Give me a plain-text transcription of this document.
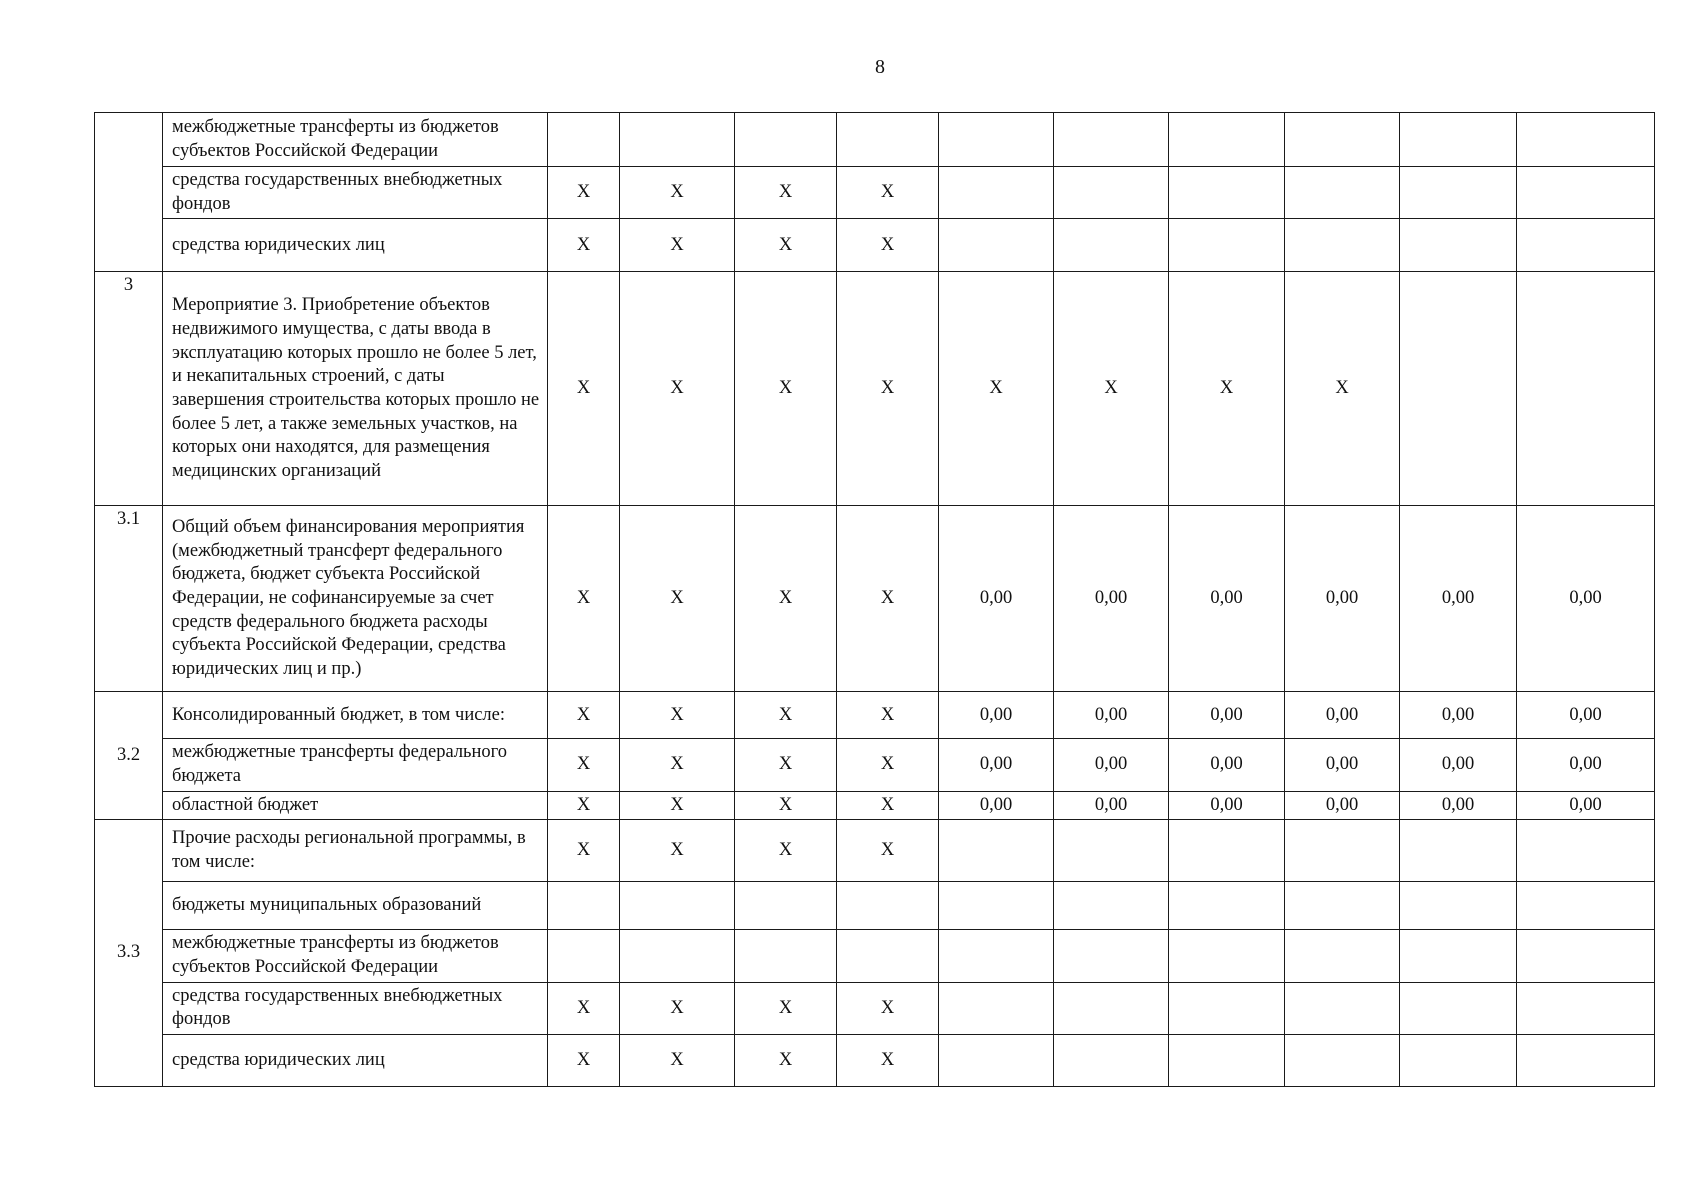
8
	межбюджетные трансферты из бюджетов субъектов Российской Федерации										
	средства государственных внебюджетных фондов	X	X	X	X						
	средства юридических лиц	X	X	X	X						
3	Мероприятие 3. Приобретение объектов недвижимого имущества, с даты ввода в эксплуатацию которых прошло не более 5 лет, и некапитальных строений, с даты завершения строительства которых прошло не более 5 лет, а также земельных участков, на которых они находятся, для размещения медицинских организаций	X	X	X	X	X	X	X	X		
3.1	Общий объем финансирования мероприятия (межбюджетный трансферт федерального бюджета, бюджет субъекта Российской Федерации, не софинансируемые за счет средств федерального бюджета расходы субъекта Российской Федерации, средства юридических лиц и пр.)	X	X	X	X	0,00	0,00	0,00	0,00	0,00	0,00
3.2	Консолидированный бюджет, в том числе:	X	X	X	X	0,00	0,00	0,00	0,00	0,00	0,00
	межбюджетные трансферты федерального бюджета	X	X	X	X	0,00	0,00	0,00	0,00	0,00	0,00
	областной бюджет	X	X	X	X	0,00	0,00	0,00	0,00	0,00	0,00
3.3	Прочие расходы региональной программы, в том числе:	X	X	X	X						
	бюджеты муниципальных образований										
	межбюджетные трансферты из бюджетов субъектов Российской Федерации										
	средства государственных внебюджетных фондов	X	X	X	X						
	средства юридических лиц	X	X	X	X						
